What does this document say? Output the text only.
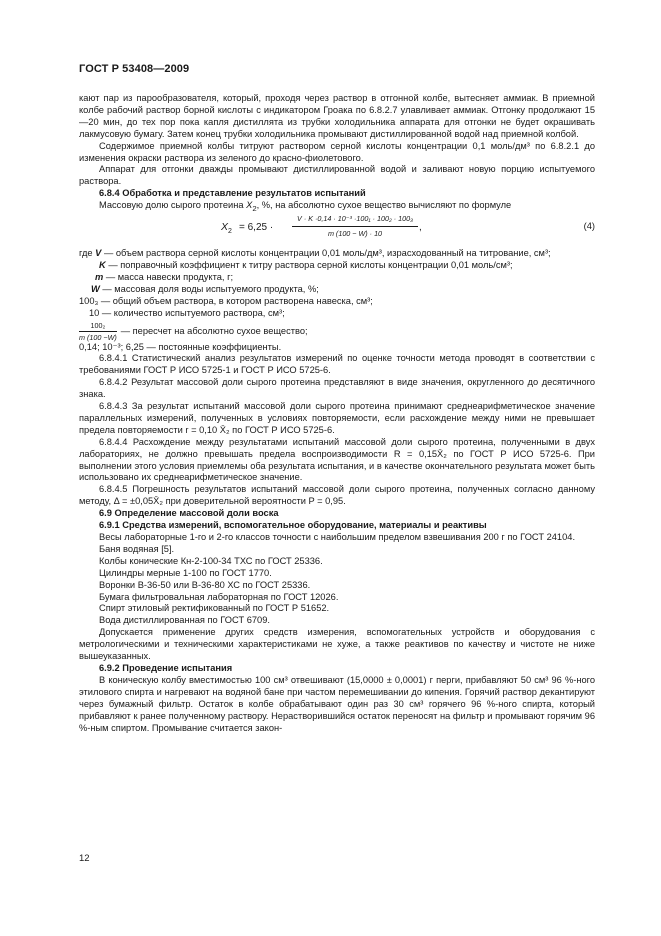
ГОСТ Р 53408—2009

кают пар из парообразователя, который, проходя через раствор в отгонной колбе, вытесняет аммиак. В приемной колбе рабочий раствор борной кислоты с индикатором Гроака по 6.8.2.7 улавливает аммиак. Отгонку продолжают 15—20 мин, до тех пор пока капля дистиллята из трубки холодильника аппарата для отгонки не будет окрашивать лакмусовую бумагу. Затем конец трубки холодильника промывают дистиллированной водой над приемной колбой.

Содержимое приемной колбы титруют раствором серной кислоты концентрации 0,1 моль/дм³ по 6.8.2.1 до изменения окраски раствора из зеленого до красно-фиолетового.

Аппарат для отгонки дважды промывают дистиллированной водой и заливают новую порцию испытуемого раствора.

6.8.4 Обработка и представление результатов испытаний

Массовую долю сырого протеина $X_2$, %, на абсолютно сухое вещество вычисляют по формуле

$X_2 = 6,25$ ·	$\frac{\text{V · K ·0,14 · 10⁻³ ·100₁ · 100₂ · 100₃}}{m (100 - W) \cdot 10}$ ,	(4)
где V — объем раствора серной кислоты концентрации 0,01 моль/дм³, израсходованный на титрование, см³;
K — поправочный коэффициент к титру раствора серной кислоты концентрации 0,01 моль/см³;
m — масса навески продукта, г;
W — массовая доля воды испытуемого продукта, %;
100₃ — общий объем раствора, в котором растворена навеска, см³;
10 — количество испытуемого раствора, см³;
$\frac{\text{100₂}}{m (100 -W)}$ — пересчет на абсолютно сухое вещество;
0,14; 10⁻³; 6,25 — постоянные коэффициенты.

6.8.4.1 Статистический анализ результатов измерений по оценке точности метода проводят в соответствии с требованиями ГОСТ Р ИСО 5725-1 и ГОСТ Р ИСО 5725-6.

6.8.4.2 Результат массовой доли сырого протеина представляют в виде значения, округленного до десятичного знака.

6.8.4.3 За результат испытаний массовой доли сырого протеина принимают среднеарифметическое значение параллельных измерений, полученных в условиях повторяемости, если расхождение между ними не превышает предела повторяемости r = 0,10 X̄₂ по ГОСТ Р ИСО 5725-6.

6.8.4.4 Расхождение между результатами испытаний массовой доли сырого протеина, полученными в двух лабораториях, не должно превышать предела воспроизводимости R = 0,15X̄₂ по ГОСТ Р ИСО 5725-6. При выполнении этого условия приемлемы оба результата испытания, и в качестве окончательного результата может быть использовано их среднеарифметическое значение.

6.8.4.5 Погрешность результатов испытаний массовой доли сырого протеина, полученных согласно данному методу, Δ = ±0,05X̄₂ при доверительной вероятности P = 0,95.

6.9 Определение массовой доли воска

6.9.1 Средства измерений, вспомогательное оборудование, материалы и реактивы

Весы лабораторные 1-го и 2-го классов точности с наибольшим пределом взвешивания 200 г по ГОСТ 24104.

Баня водяная [5].

Колбы конические Кн-2-100-34 ТХС по ГОСТ 25336.

Цилиндры мерные 1-100 по ГОСТ 1770.

Воронки В-36-50 или В-36-80 ХС по ГОСТ 25336.

Бумага фильтровальная лабораторная по ГОСТ 12026.

Спирт этиловый ректификованный по ГОСТ Р 51652.

Вода дистиллированная по ГОСТ 6709.

Допускается применение других средств измерения, вспомогательных устройств и оборудования с метрологическими и техническими характеристиками не хуже, а также реактивов по качеству и чистоте не ниже вышеуказанных.

6.9.2 Проведение испытания

В коническую колбу вместимостью 100 см³ отвешивают (15,0000 ± 0,0001) г перги, прибавляют 50 см³ 96 %-ного этилового спирта и нагревают на водяной бане при частом перемешивании до кипения. Горячий раствор декантируют через бумажный фильтр. Остаток в колбе обрабатывают один раз 30 см³ горячего 96 %-ного спирта, который прибавляют к ранее полученному раствору. Нерастворившийся остаток переносят на фильтр и промывают горячим 96 %-ным спиртом. Промывание считается закон-

12
